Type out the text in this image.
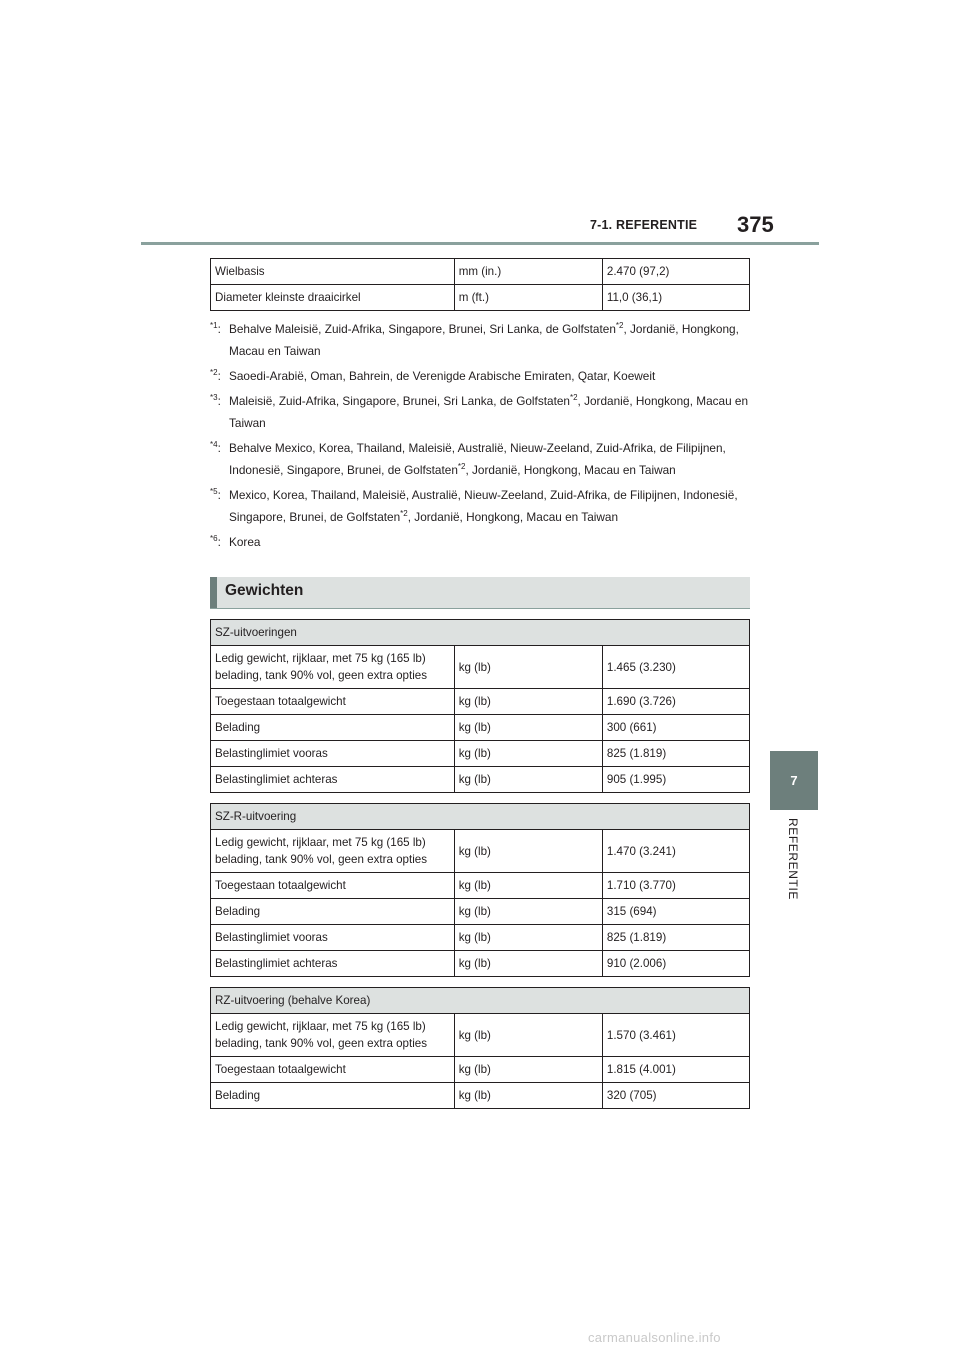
7-1. REFERENTIE 375
7
REFERENTIE
Wielbasis	mm (in.)	2.470 (97,2)
Diameter kleinste draaicirkel	m (ft.)	11,0 (36,1)
$^{*1}$: Behalve Maleisië, Zuid-Afrika, Singapore, Brunei, Sri Lanka, de Golfstaten$^{*2}$, Jordanië, Hongkong, Macau en Taiwan
$^{*2}$: Saoedi-Arabië, Oman, Bahrein, de Verenigde Arabische Emiraten, Qatar, Koeweit
$^{*3}$: Maleisië, Zuid-Afrika, Singapore, Brunei, Sri Lanka, de Golfstaten$^{*2}$, Jordanië, Hongkong, Macau en Taiwan
$^{*4}$: Behalve Mexico, Korea, Thailand, Maleisië, Australië, Nieuw-Zeeland, Zuid-Afrika, de Filipijnen, Indonesië, Singapore, Brunei, de Golfstaten$^{*2}$, Jordanië, Hongkong, Macau en Taiwan
$^{*5}$: Mexico, Korea, Thailand, Maleisië, Australië, Nieuw-Zeeland, Zuid-Afrika, de Filipijnen, Indonesië, Singapore, Brunei, de Golfstaten$^{*2}$, Jordanië, Hongkong, Macau en Taiwan
$^{*6}$: Korea
Gewichten
SZ-uitvoeringen		
Ledig gewicht, rijklaar, met 75 kg (165 lb) belading, tank 90% vol, geen extra opties	kg (lb)	1.465 (3.230)
Toegestaan totaalgewicht	kg (lb)	1.690 (3.726)
Belading	kg (lb)	300 (661)
Belastinglimiet vooras	kg (lb)	825 (1.819)
Belastinglimiet achteras	kg (lb)	905 (1.995)
SZ-R-uitvoering		
Ledig gewicht, rijklaar, met 75 kg (165 lb) belading, tank 90% vol, geen extra opties	kg (lb)	1.470 (3.241)
Toegestaan totaalgewicht	kg (lb)	1.710 (3.770)
Belading	kg (lb)	315 (694)
Belastinglimiet vooras	kg (lb)	825 (1.819)
Belastinglimiet achteras	kg (lb)	910 (2.006)
RZ-uitvoering (behalve Korea)		
Ledig gewicht, rijklaar, met 75 kg (165 lb) belading, tank 90% vol, geen extra opties	kg (lb)	1.570 (3.461)
Toegestaan totaalgewicht	kg (lb)	1.815 (4.001)
Belading	kg (lb)	320 (705)
carmanualsonline.info
